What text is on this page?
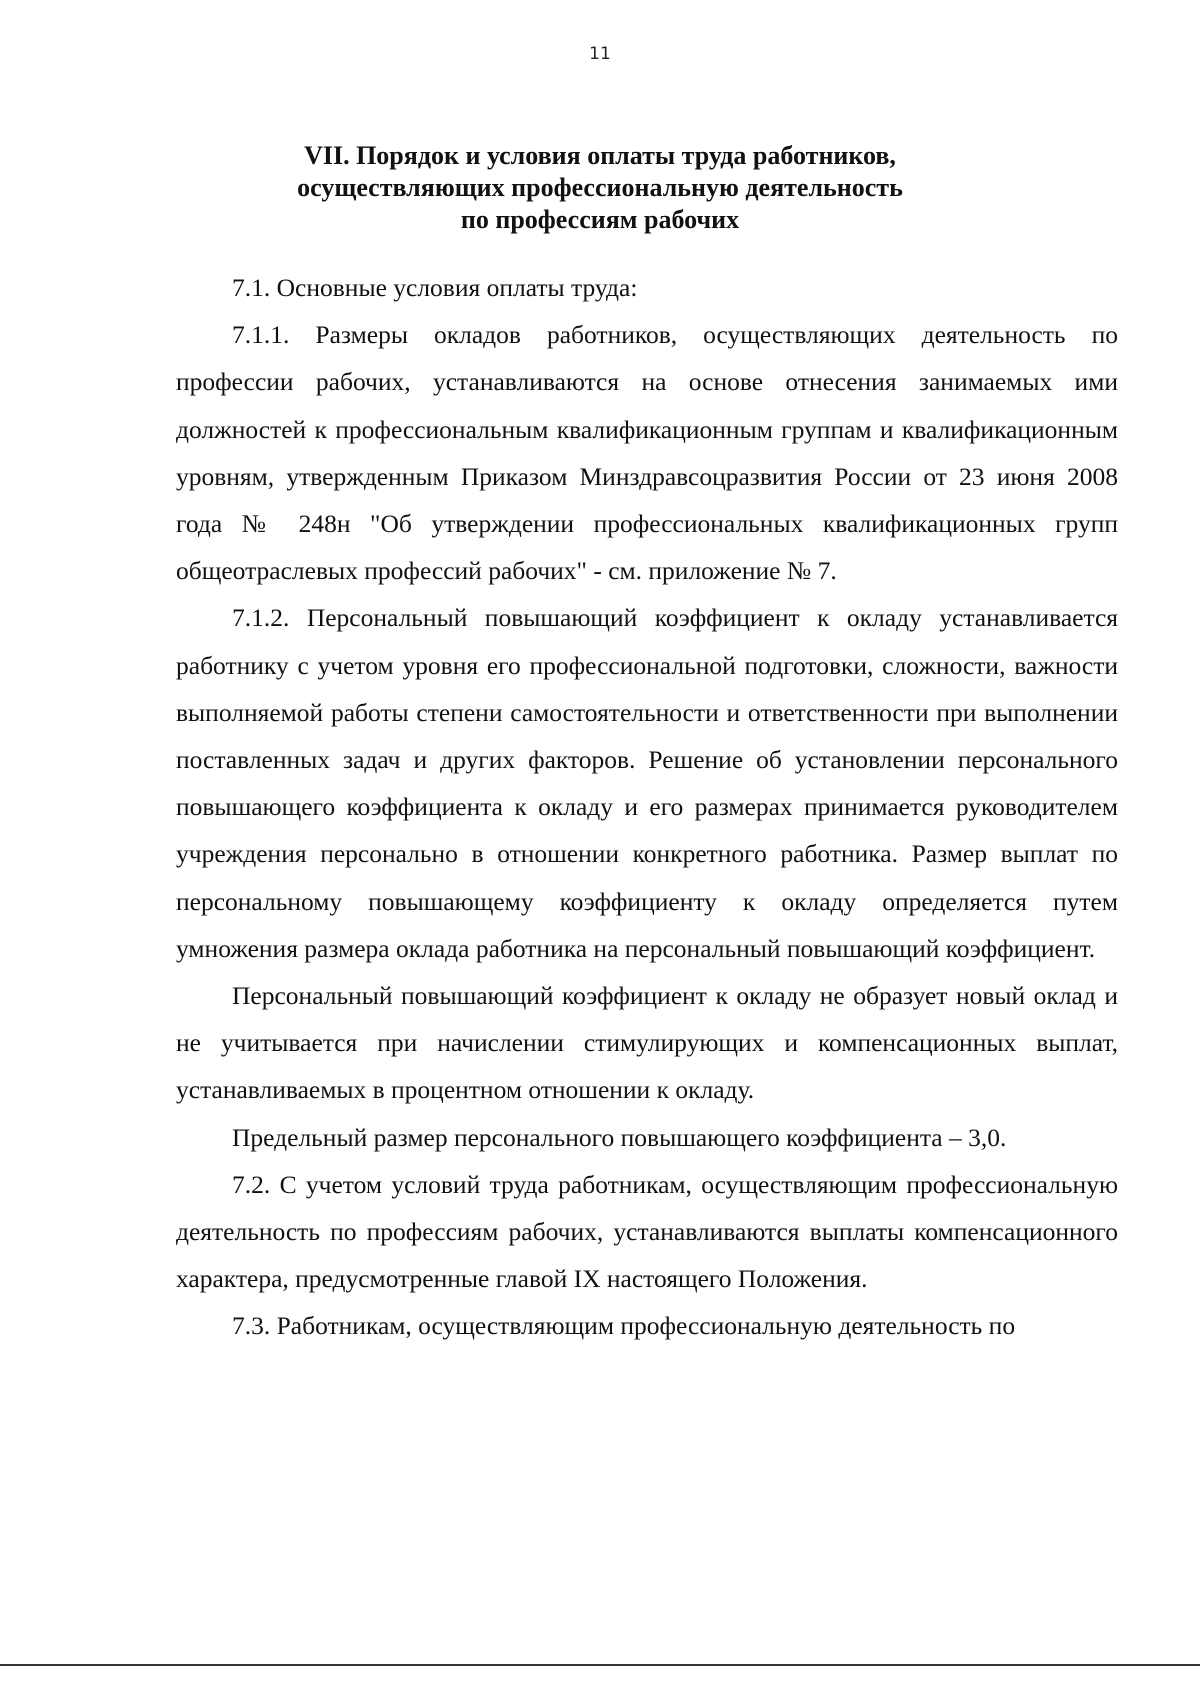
11
VII. Порядок и условия оплаты труда работников,
осуществляющих профессиональную деятельность
по профессиям рабочих

7.1. Основные условия оплаты труда:

7.1.1. Размеры окладов работников, осуществляющих деятельность по профессии рабочих, устанавливаются на основе отнесения занимаемых ими должностей к профессиональным квалификационным группам и квалификационным уровням, утвержденным Приказом Минздравсоцразвития России от 23 июня 2008 года № 248н "Об утверждении профессиональных квалификационных групп общеотраслевых профессий рабочих" - см. приложение № 7.

7.1.2. Персональный повышающий коэффициент к окладу устанавливается работнику с учетом уровня его профессиональной подготовки, сложности, важности выполняемой работы степени самостоятельности и ответственности при выполнении поставленных задач и других факторов. Решение об установлении персонального повышающего коэффициента к окладу и его размерах принимается руководителем учреждения персонально в отношении конкретного работника. Размер выплат по персональному повышающему коэффициенту к окладу определяется путем умножения размера оклада работника на персональный повышающий коэффициент.

Персональный повышающий коэффициент к окладу не образует новый оклад и не учитывается при начислении стимулирующих и компенсационных выплат, устанавливаемых в процентном отношении к окладу.

Предельный размер персонального повышающего коэффициента – 3,0.

7.2. С учетом условий труда работникам, осуществляющим профессиональную деятельность по профессиям рабочих, устанавливаются выплаты компенсационного характера, предусмотренные главой IX настоящего Положения.

7.3. Работникам, осуществляющим профессиональную деятельность по
